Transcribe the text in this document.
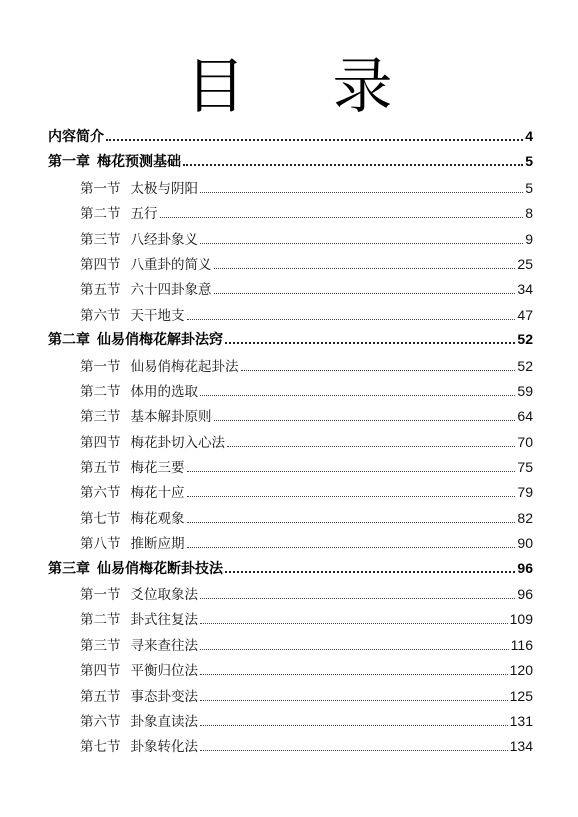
目 录
内容简介	4
第一章 梅花预测基础	5
第一节 太极与阴阳	5
第二节 五行	8
第三节 八经卦象义	9
第四节 八重卦的简义	25
第五节 六十四卦象意	34
第六节 天干地支	47
第二章 仙易俏梅花解卦法窍	52
第一节 仙易俏梅花起卦法	52
第二节 体用的选取	59
第三节 基本解卦原则	64
第四节 梅花卦切入心法	70
第五节 梅花三要	75
第六节 梅花十应	79
第七节 梅花观象	82
第八节 推断应期	90
第三章 仙易俏梅花断卦技法	96
第一节 爻位取象法	96
第二节 卦式往复法	109
第三节 寻来查往法	116
第四节 平衡归位法	120
第五节 事态卦变法	125
第六节 卦象直读法	131
第七节 卦象转化法	134
